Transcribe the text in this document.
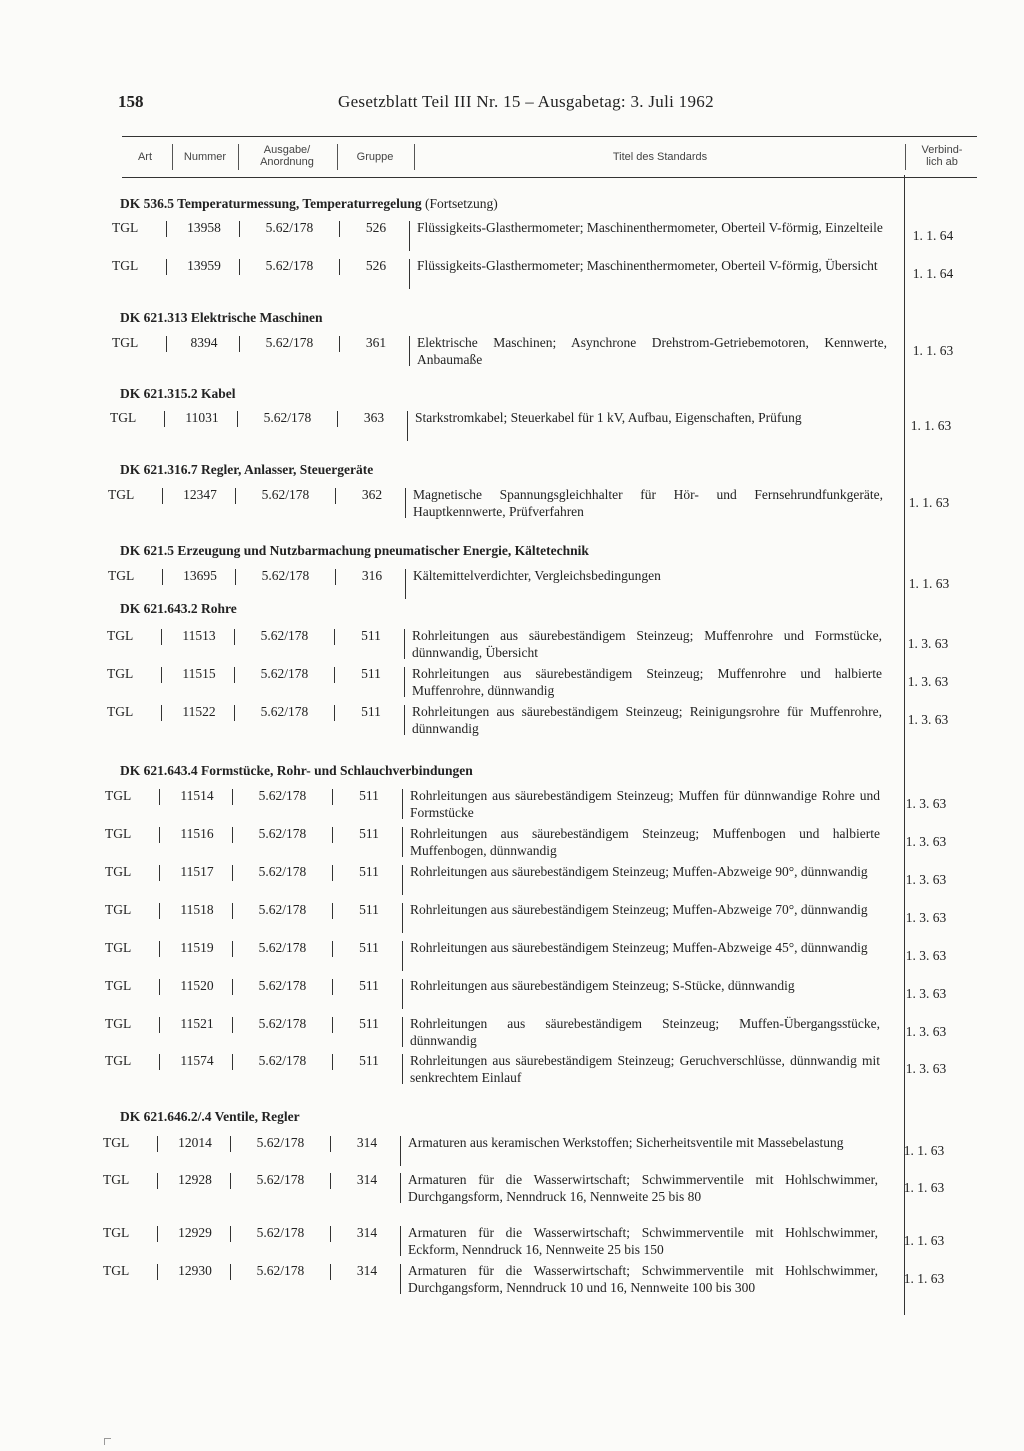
158	Gesetzblatt Teil III Nr. 15 – Ausgabetag: 3. Juli 1962
Art	Nummer
Ausgabe/
Anordnung	Gruppe	Titel des Standards
Verbind-
lich ab
DK 536.5 Temperaturmessung, Temperaturregelung (Fortsetzung)
TGL	13958	5.62/178	526	Flüssigkeits-Glasthermometer; Maschinenthermometer, Oberteil V-förmig, Einzelteile
1. 1. 64
TGL	13959	5.62/178	526	Flüssigkeits-Glasthermometer; Maschinenthermometer, Oberteil V-förmig, Übersicht
1. 1. 64
DK 621.313 Elektrische Maschinen
TGL	8394	5.62/178	361	Elektrische Maschinen; Asynchrone Drehstrom-Getriebemotoren, Kennwerte, Anbaumaße
1. 1. 63
DK 621.315.2 Kabel
TGL	11031	5.62/178	363	Starkstromkabel; Steuerkabel für 1 kV, Aufbau, Eigenschaften, Prüfung
1. 1. 63
DK 621.316.7 Regler, Anlasser, Steuergeräte
TGL	12347	5.62/178	362	Magnetische Spannungsgleichhalter für Hör- und Fernsehrundfunkgeräte, Hauptkennwerte, Prüfverfahren
1. 1. 63
DK 621.5 Erzeugung und Nutzbarmachung pneumatischer Energie, Kältetechnik
TGL	13695	5.62/178	316	Kältemittelverdichter, Vergleichsbedingungen
1. 1. 63
DK 621.643.2 Rohre
TGL	11513	5.62/178	511	Rohrleitungen aus säurebeständigem Steinzeug; Muffenrohre und Formstücke, dünnwandig, Übersicht
1. 3. 63
TGL	11515	5.62/178	511	Rohrleitungen aus säurebeständigem Steinzeug; Muffenrohre und halbierte Muffenrohre, dünnwandig
1. 3. 63
TGL	11522	5.62/178	511	Rohrleitungen aus säurebeständigem Steinzeug; Reinigungsrohre für Muffenrohre, dünnwandig
1. 3. 63
DK 621.643.4 Formstücke, Rohr- und Schlauchverbindungen
TGL	11514	5.62/178	511	Rohrleitungen aus säurebeständigem Steinzeug; Muffen für dünnwandige Rohre und Formstücke
1. 3. 63
TGL	11516	5.62/178	511	Rohrleitungen aus säurebeständigem Steinzeug; Muffenbogen und halbierte Muffenbogen, dünnwandig
1. 3. 63
TGL	11517	5.62/178	511	Rohrleitungen aus säurebeständigem Steinzeug; Muffen-Abzweige 90°, dünnwandig
1. 3. 63
TGL	11518	5.62/178	511	Rohrleitungen aus säurebeständigem Steinzeug; Muffen-Abzweige 70°, dünnwandig
1. 3. 63
TGL	11519	5.62/178	511	Rohrleitungen aus säurebeständigem Steinzeug; Muffen-Abzweige 45°, dünnwandig
1. 3. 63
TGL	11520	5.62/178	511	Rohrleitungen aus säurebeständigem Steinzeug; S-Stücke, dünnwandig
1. 3. 63
TGL	11521	5.62/178	511	Rohrleitungen aus säurebeständigem Steinzeug; Muffen-Übergangsstücke, dünnwandig
1. 3. 63
TGL	11574	5.62/178	511	Rohrleitungen aus säurebeständigem Steinzeug; Geruchverschlüsse, dünnwandig mit senkrechtem Einlauf
1. 3. 63
DK 621.646.2/.4 Ventile, Regler
TGL	12014	5.62/178	314	Armaturen aus keramischen Werkstoffen; Sicherheitsventile mit Massebelastung
1. 1. 63
TGL	12928	5.62/178	314	Armaturen für die Wasserwirtschaft; Schwimmerventile mit Hohlschwimmer, Durchgangsform, Nenndruck 16, Nennweite 25 bis 80
1. 1. 63
TGL	12929	5.62/178	314	Armaturen für die Wasserwirtschaft; Schwimmerventile mit Hohlschwimmer, Eckform, Nenndruck 16, Nennweite 25 bis 150
1. 1. 63
TGL	12930	5.62/178	314	Armaturen für die Wasserwirtschaft; Schwimmerventile mit Hohlschwimmer, Durchgangsform, Nenndruck 10 und 16, Nennweite 100 bis 300
1. 1. 63
